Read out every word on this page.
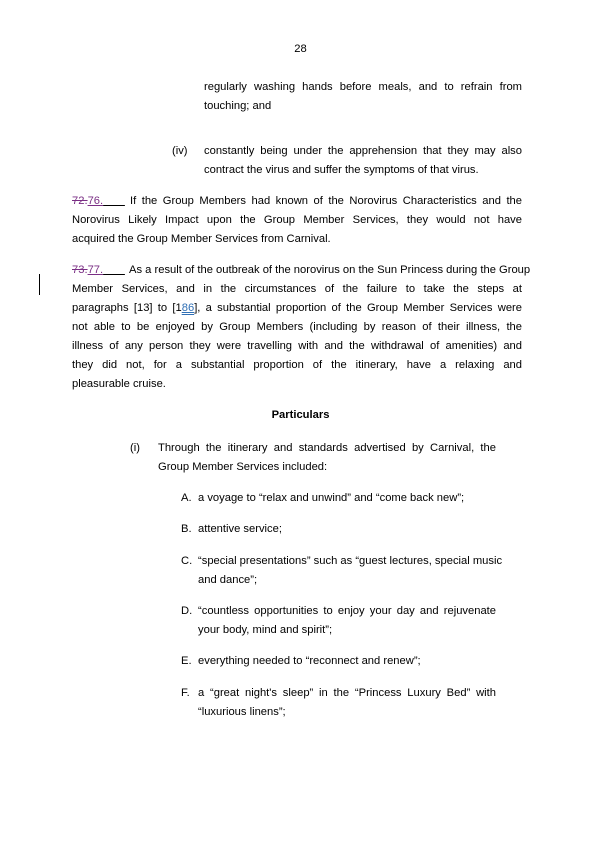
28
regularly washing hands before meals, and to refrain from
touching; and
(iv) constantly being under the apprehension that they may also
contract the virus and suffer the symptoms of that virus.
72.76.	If the Group Members had known of the Norovirus Characteristics and the
Norovirus Likely Impact upon the Group Member Services, they would not have
acquired the Group Member Services from Carnival.
73.77.	As a result of the outbreak of the norovirus on the Sun Princess during the Group
Member Services, and in the circumstances of the failure to take the steps at
paragraphs [13] to [186], a substantial proportion of the Group Member Services were
not able to be enjoyed by Group Members (including by reason of their illness, the
illness of any person they were travelling with and the withdrawal of amenities) and
they did not, for a substantial proportion of the itinerary, have a relaxing and
pleasurable cruise.
Particulars
(i) Through the itinerary and standards advertised by Carnival, the
Group Member Services included:
A. a voyage to “relax and unwind” and “come back new”;
B. attentive service;
C. “special presentations” such as “guest lectures, special music
and dance”;
D. “countless opportunities to enjoy your day and rejuvenate
your body, mind and spirit”;
E. everything needed to “reconnect and renew”;
F. a “great night's sleep” in the “Princess Luxury Bed” with
“luxurious linens”;
